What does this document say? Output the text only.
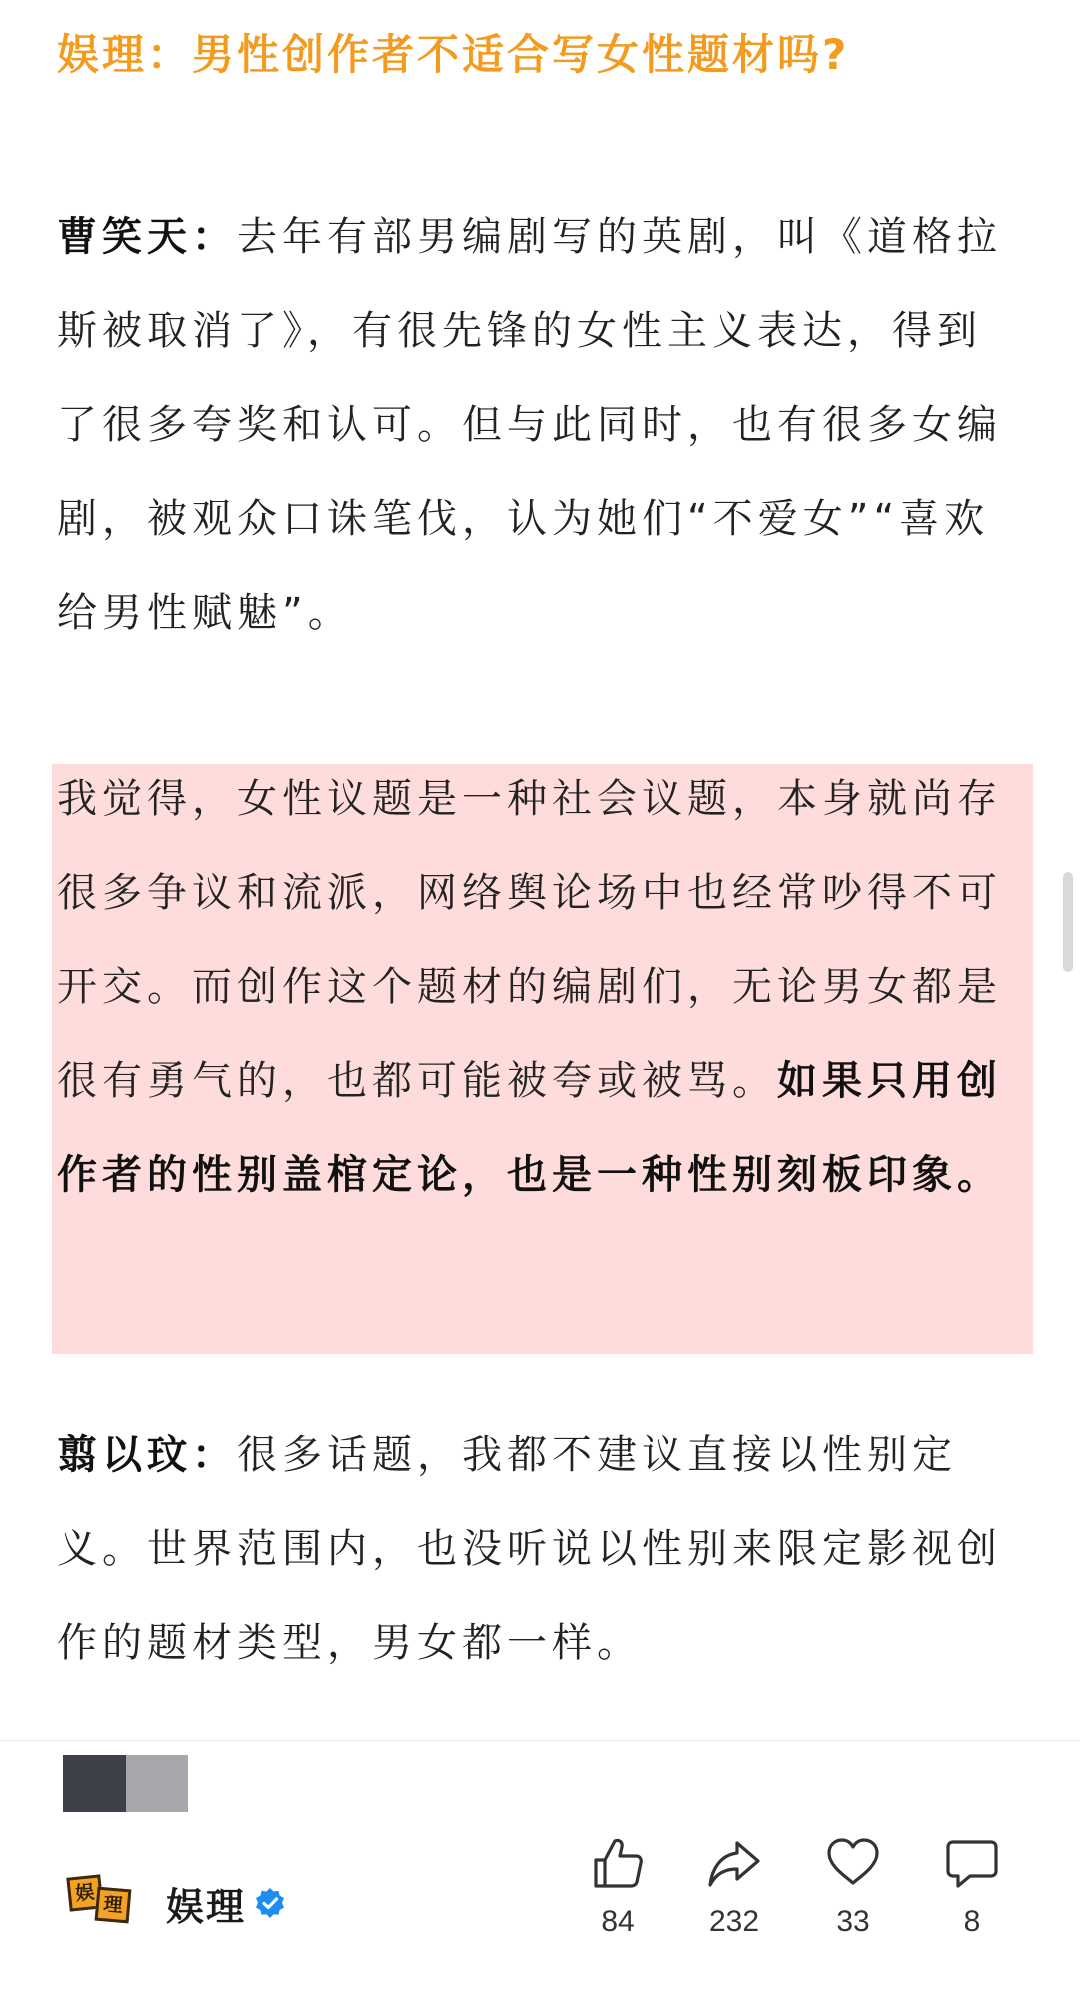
娱理：男性创作者不适合写女性题材吗?

曹笑天：去年有部男编剧写的英剧，叫《道格拉斯被取消了》，有很先锋的女性主义表达，得到了很多夸奖和认可。但与此同时，也有很多女编剧，被观众口诛笔伐，认为她们“不爱女”“喜欢给男性赋魅”。

我觉得，女性议题是一种社会议题，本身就尚存很多争议和流派，网络舆论场中也经常吵得不可开交。而创作这个题材的编剧们，无论男女都是很有勇气的，也都可能被夸或被骂。如果只用创作者的性别盖棺定论，也是一种性别刻板印象。

翦以玟：很多话题，我都不建议直接以性别定义。世界范围内，也没听说以性别来限定影视创作的题材类型，男女都一样。

娱
理 娱理	84	232	33	8
